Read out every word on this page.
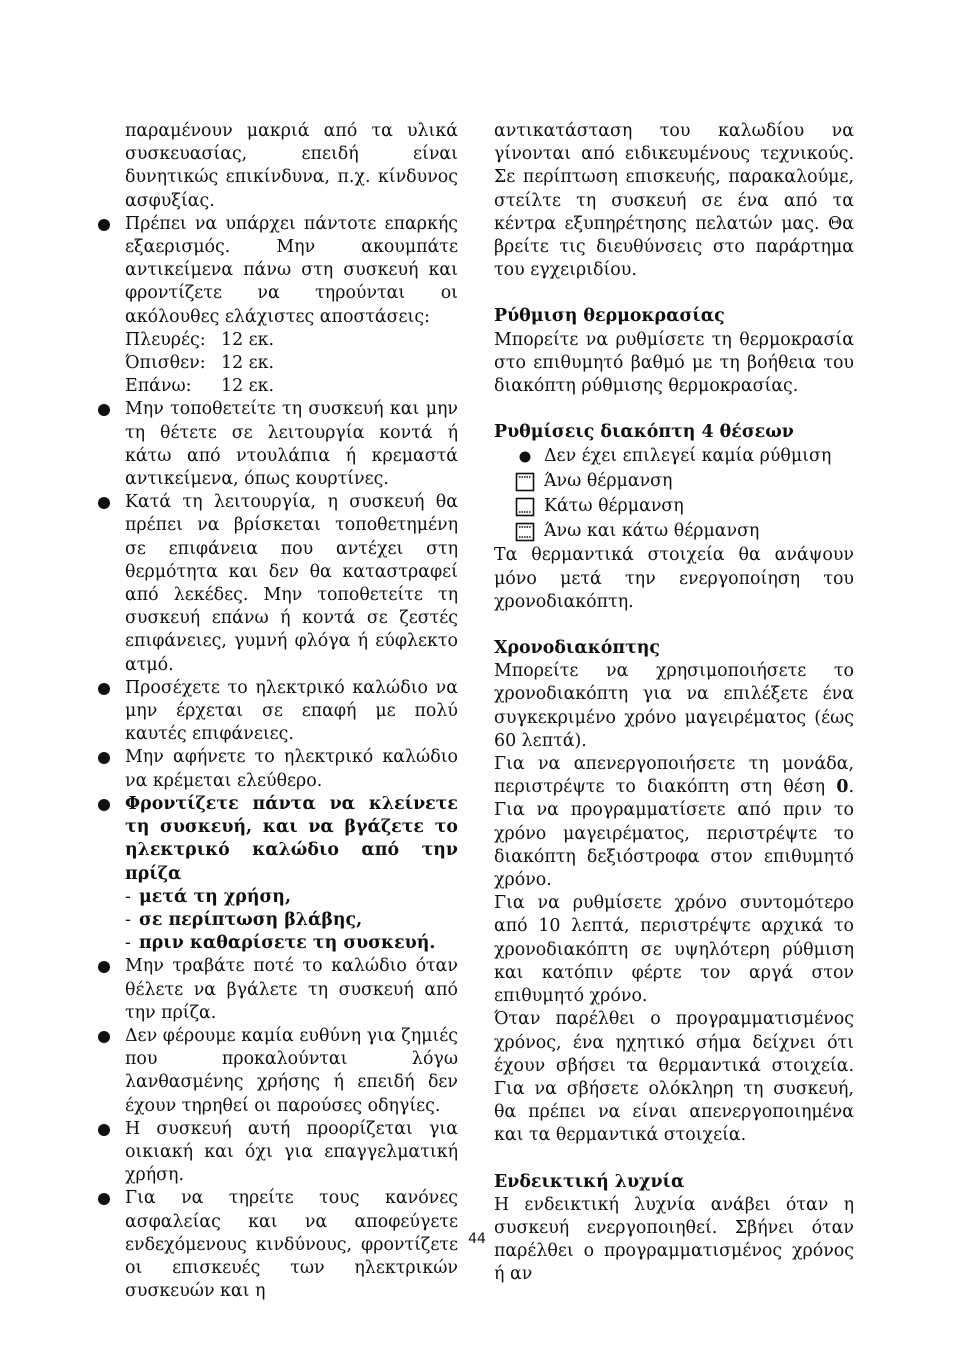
παραμένουν μακριά από τα υλικά συσκευασίας, επειδή είναι δυνητικώς επικίνδυνα, π.χ. κίνδυνος ασφυξίας.

Πρέπει να υπάρχει πάντοτε επαρκής εξαερισμός. Μην ακουμπάτε αντικείμενα πάνω στη συσκευή και φροντίζετε να τηρούνται οι ακόλουθες ελάχιστες αποστάσεις:

Πλευρές: 12 εκ.
Όπισθεν: 12 εκ.
Επάνω:	12 εκ.

Μην τοποθετείτε τη συσκευή και μην τη θέτετε σε λειτουργία κοντά ή κάτω από ντουλάπια ή κρεμαστά αντικείμενα, όπως κουρτίνες.

Κατά τη λειτουργία, η συσκευή θα πρέπει να βρίσκεται τοποθετημένη σε επιφάνεια που αντέχει στη θερμότητα και δεν θα καταστραφεί από λεκέδες. Μην τοποθετείτε τη συσκευή επάνω ή κοντά σε ζεστές επιφάνειες, γυμνή φλόγα ή εύφλεκτο ατμό.

Προσέχετε το ηλεκτρικό καλώδιο να μην έρχεται σε επαφή με πολύ καυτές επιφάνειες.

Μην αφήνετε το ηλεκτρικό καλώδιο να κρέμεται ελεύθερο.

Φροντίζετε πάντα να κλείνετε τη συσκευή, και να βγάζετε το ηλεκτρικό καλώδιο από την πρίζα

- μετά τη χρήση,
- σε περίπτωση βλάβης,
- πριν καθαρίσετε τη συσκευή.

Μην τραβάτε ποτέ το καλώδιο όταν θέλετε να βγάλετε τη συσκευή από την πρίζα.

Δεν φέρουμε καμία ευθύνη για ζημιές που προκαλούνται λόγω λανθασμένης χρήσης ή επειδή δεν έχουν τηρηθεί οι παρούσες οδηγίες.

Η συσκευή αυτή προορίζεται για οικιακή και όχι για επαγγελματική χρήση.

Για να τηρείτε τους κανόνες ασφαλείας και να αποφεύγετε ενδεχόμενους κινδύνους, φροντίζετε οι επισκευές των ηλεκτρικών συσκευών και η

αντικατάσταση του καλωδίου να γίνονται από ειδικευμένους τεχνικούς. Σε περίπτωση επισκευής, παρακαλούμε, στείλτε τη συσκευή σε ένα από τα κέντρα εξυπηρέτησης πελατών μας. Θα βρείτε τις διευθύνσεις στο παράρτημα του εγχειριδίου.

Ρύθμιση θερμοκρασίας

Μπορείτε να ρυθμίσετε τη θερμοκρασία στο επιθυμητό βαθμό με τη βοήθεια του διακόπτη ρύθμισης θερμοκρασίας.

Ρυθμίσεις διακόπτη 4 θέσεων
Δεν έχει επιλεγεί καμία ρύθμιση
Άνω θέρμανση
Κάτω θέρμανση
Άνω και κάτω θέρμανση

Τα θερμαντικά στοιχεία θα ανάψουν μόνο μετά την ενεργοποίηση του χρονοδιακόπτη.

Χρονοδιακόπτης

Μπορείτε να χρησιμοποιήσετε το χρονοδιακόπτη για να επιλέξετε ένα συγκεκριμένο χρόνο μαγειρέματος (έως 60 λεπτά).

Για να απενεργοποιήσετε τη μονάδα, περιστρέψτε το διακόπτη στη θέση 0. Για να προγραμματίσετε από πριν το χρόνο μαγειρέματος, περιστρέψτε το διακόπτη δεξιόστροφα στον επιθυμητό χρόνο.

Για να ρυθμίσετε χρόνο συντομότερο από 10 λεπτά, περιστρέψτε αρχικά το χρονοδιακόπτη σε υψηλότερη ρύθμιση και κατόπιν φέρτε τον αργά στον επιθυμητό χρόνο.

Όταν παρέλθει ο προγραμματισμένος χρόνος, ένα ηχητικό σήμα δείχνει ότι έχουν σβήσει τα θερμαντικά στοιχεία. Για να σβήσετε ολόκληρη τη συσκευή, θα πρέπει να είναι απενεργοποιημένα και τα θερμαντικά στοιχεία.

Ενδεικτική λυχνία

Η ενδεικτική λυχνία ανάβει όταν η συσκευή ενεργοποιηθεί. Σβήνει όταν παρέλθει ο προγραμματισμένος χρόνος ή αν

44
